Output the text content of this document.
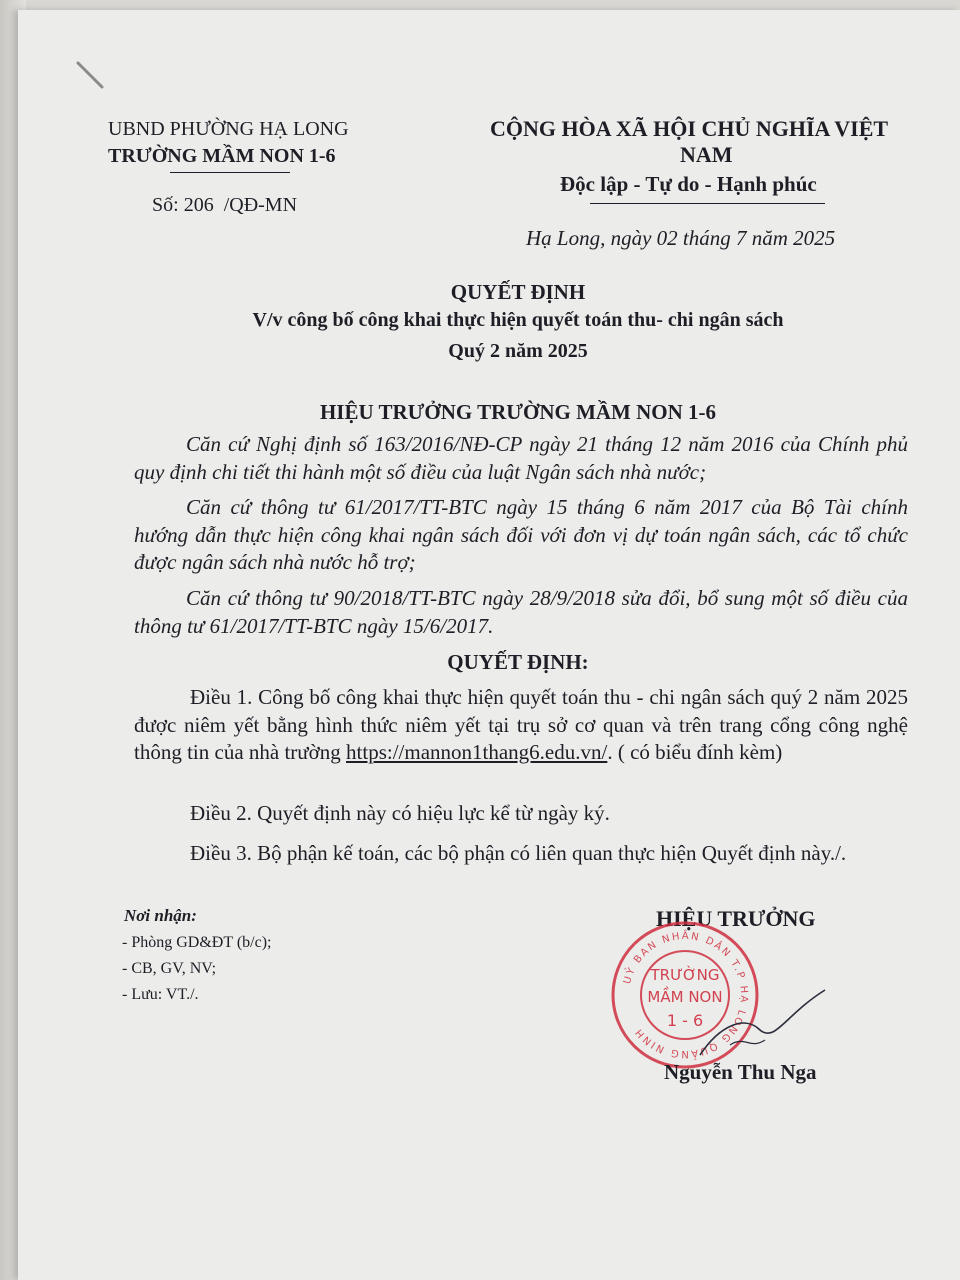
UBND PHƯỜNG HẠ LONG
TRƯỜNG MẦM NON 1-6
Số: 206 /QĐ-MN
CỘNG HÒA XÃ HỘI CHỦ NGHĨA VIỆT
NAM
Độc lập - Tự do - Hạnh phúc
Hạ Long, ngày 02 tháng 7 năm 2025
QUYẾT ĐỊNH
V/v công bố công khai thực hiện quyết toán thu- chi ngân sách
Quý 2 năm 2025
HIỆU TRƯỞNG TRƯỜNG MẦM NON 1-6
Căn cứ Nghị định số 163/2016/NĐ-CP ngày 21 tháng 12 năm 2016 của Chính phủ quy định chi tiết thi hành một số điều của luật Ngân sách nhà nước;
Căn cứ thông tư 61/2017/TT-BTC ngày 15 tháng 6 năm 2017 của Bộ Tài chính hướng dẫn thực hiện công khai ngân sách đối với đơn vị dự toán ngân sách, các tổ chức được ngân sách nhà nước hỗ trợ;
Căn cứ thông tư 90/2018/TT-BTC ngày 28/9/2018 sửa đổi, bổ sung một số điều của thông tư 61/2017/TT-BTC ngày 15/6/2017.
QUYẾT ĐỊNH:
Điều 1. Công bố công khai thực hiện quyết toán thu - chi ngân sách quý 2 năm 2025 được niêm yết bằng hình thức niêm yết tại trụ sở cơ quan và trên trang cổng công nghệ thông tin của nhà trường https://mannon1thang6.edu.vn/. ( có biểu đính kèm)
Điều 2. Quyết định này có hiệu lực kể từ ngày ký.
Điều 3. Bộ phận kế toán, các bộ phận có liên quan thực hiện Quyết định này./.
Nơi nhận:
- Phòng GD&ĐT (b/c);
- CB, GV, NV;
- Lưu: VT./.
HIỆU TRƯỞNG
UỶ BAN NHÂN DÂN T.P HẠ LONG QUẢNG NINH
TRƯỜNG
MẦM NON
1 - 6
Nguyễn Thu Nga
